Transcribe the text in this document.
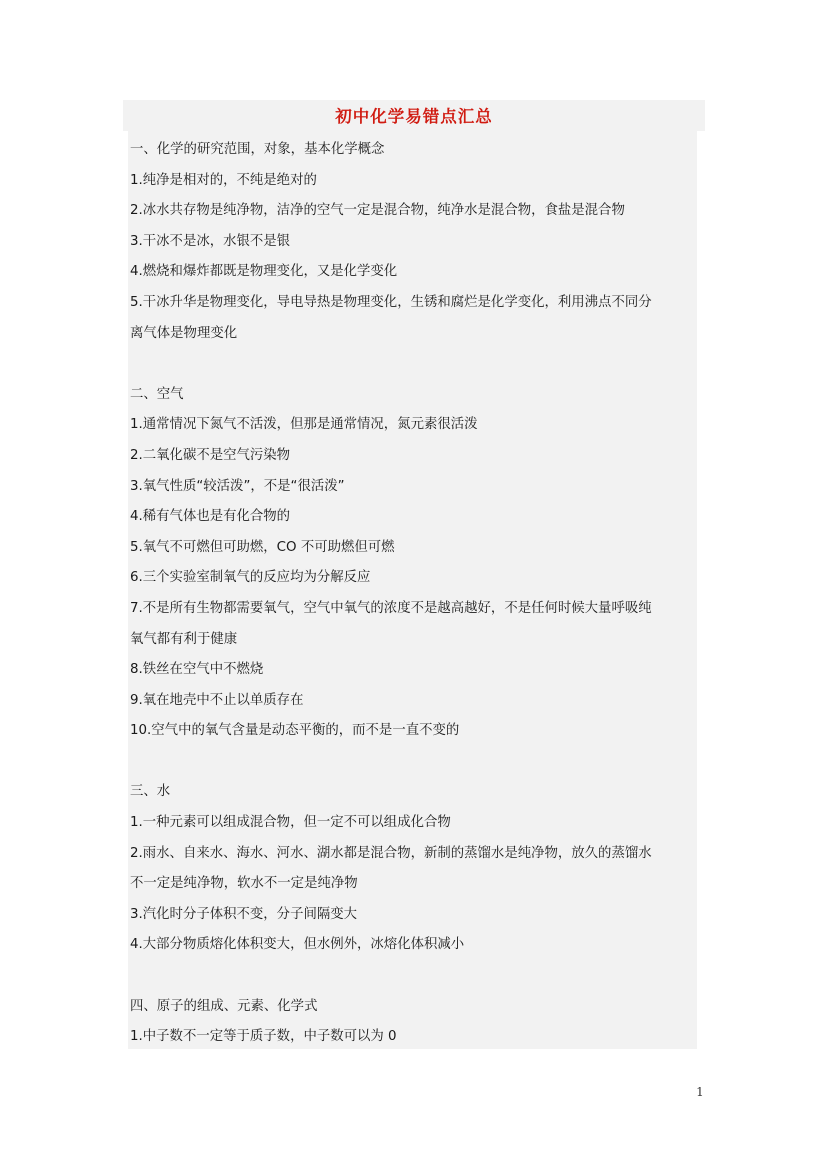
初中化学易错点汇总
一、化学的研究范围，对象，基本化学概念
1.纯净是相对的，不纯是绝对的
2.冰水共存物是纯净物，洁净的空气一定是混合物，纯净水是混合物，食盐是混合物
3.干冰不是冰，水银不是银
4.燃烧和爆炸都既是物理变化，又是化学变化
5.干冰升华是物理变化，导电导热是物理变化，生锈和腐烂是化学变化，利用沸点不同分
离气体是物理变化
二、空气
1.通常情况下氮气不活泼，但那是通常情况，氮元素很活泼
2.二氧化碳不是空气污染物
3.氧气性质“较活泼”，不是“很活泼”
4.稀有气体也是有化合物的
5.氧气不可燃但可助燃，CO 不可助燃但可燃
6.三个实验室制氧气的反应均为分解反应
7.不是所有生物都需要氧气，空气中氧气的浓度不是越高越好，不是任何时候大量呼吸纯
氧气都有利于健康
8.铁丝在空气中不燃烧
9.氧在地壳中不止以单质存在
10.空气中的氧气含量是动态平衡的，而不是一直不变的
三、水
1.一种元素可以组成混合物，但一定不可以组成化合物
2.雨水、自来水、海水、河水、湖水都是混合物，新制的蒸馏水是纯净物，放久的蒸馏水
不一定是纯净物，软水不一定是纯净物
3.汽化时分子体积不变，分子间隔变大
4.大部分物质熔化体积变大，但水例外，冰熔化体积减小
四、原子的组成、元素、化学式
1.中子数不一定等于质子数，中子数可以为 0
1
